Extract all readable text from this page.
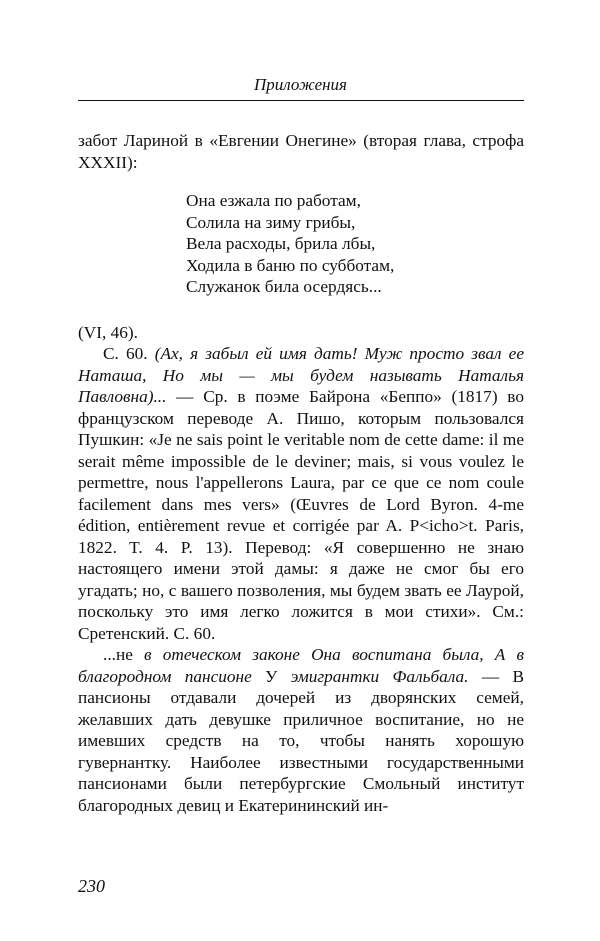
Приложения

забот Лариной в «Евгении Онегине» (вторая глава, строфа XXXII):

Она езжала по работам,
Солила на зиму грибы,
Вела расходы, брила лбы,
Ходила в баню по субботам,
Служанок била осердясь...

(VI, 46).

С. 60. (Ах, я забыл ей имя дать! Муж просто звал ее Наташа, Но мы — мы будем называть Наталья Павловна)... — Ср. в поэме Байрона «Беппо» (1817) во французском переводе А. Пишо, которым пользовался Пушкин: «Je ne sais point le veritable nom de cette dame: il me serait même impossible de le deviner; mais, si vous voulez le permettre, nous l'appellerons Laura, par ce que ce nom coule facilement dans mes vers» (Œuvres de Lord Byron. 4-me édition, entièrement revue et corrigée par A. P<icho>t. Paris, 1822. T. 4. P. 13). Перевод: «Я совершенно не знаю настоящего имени этой дамы: я даже не смог бы его угадать; но, с вашего позволения, мы будем звать ее Лаурой, поскольку это имя легко ложится в мои стихи». См.: Сретенский. С. 60.

...не в отеческом законе Она воспитана была, А в благородном пансионе У эмигрантки Фальбала. — В пансионы отдавали дочерей из дворянских семей, желавших дать девушке приличное воспитание, но не имевших средств на то, чтобы нанять хорошую гувернантку. Наиболее известными государственными пансионами были петербургские Смольный институт благородных девиц и Екатерининский ин-

230
